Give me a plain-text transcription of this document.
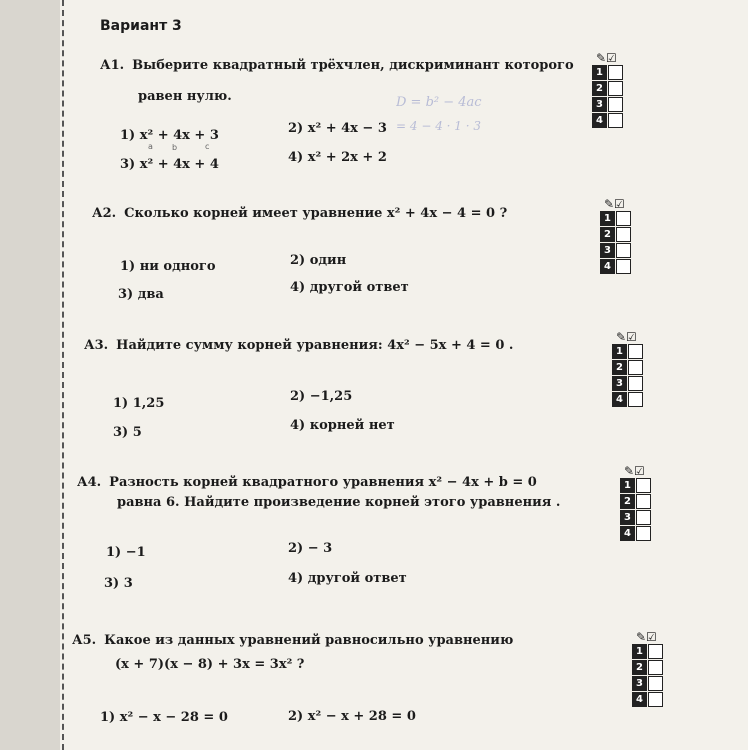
Вариант 3
А1. Выберите квадратный трёхчлен, дискриминант которого
равен нулю.
1) x² + 4x + 3	2) x² + 4x − 3
3) x² + 4x + 4	4) x² + 2x + 2
a b	c
D = b² − 4ac
= 4 − 4 · 1 · 3
✎☑
1
2
3
4
А2. Сколько корней имеет уравнение x² + 4x − 4 = 0 ?
1) ни одного	2) один
3) два	4) другой ответ
✎☑
1
2
3
4
А3. Найдите сумму корней уравнения: 4x² − 5x + 4 = 0 .
1) 1,25	2) −1,25
3) 5	4) корней нет
✎☑
1
2
3
4
А4. Разность корней квадратного уравнения x² − 4x + b = 0
равна 6. Найдите произведение корней этого уравнения .
1) −1	2) − 3
3) 3	4) другой ответ
✎☑
1
2
3
4
А5. Какое из данных уравнений равносильно уравнению
(x + 7)(x − 8) + 3x = 3x² ?
1) x² − x − 28 = 0	2) x² − x + 28 = 0
✎☑
1
2
3
4
